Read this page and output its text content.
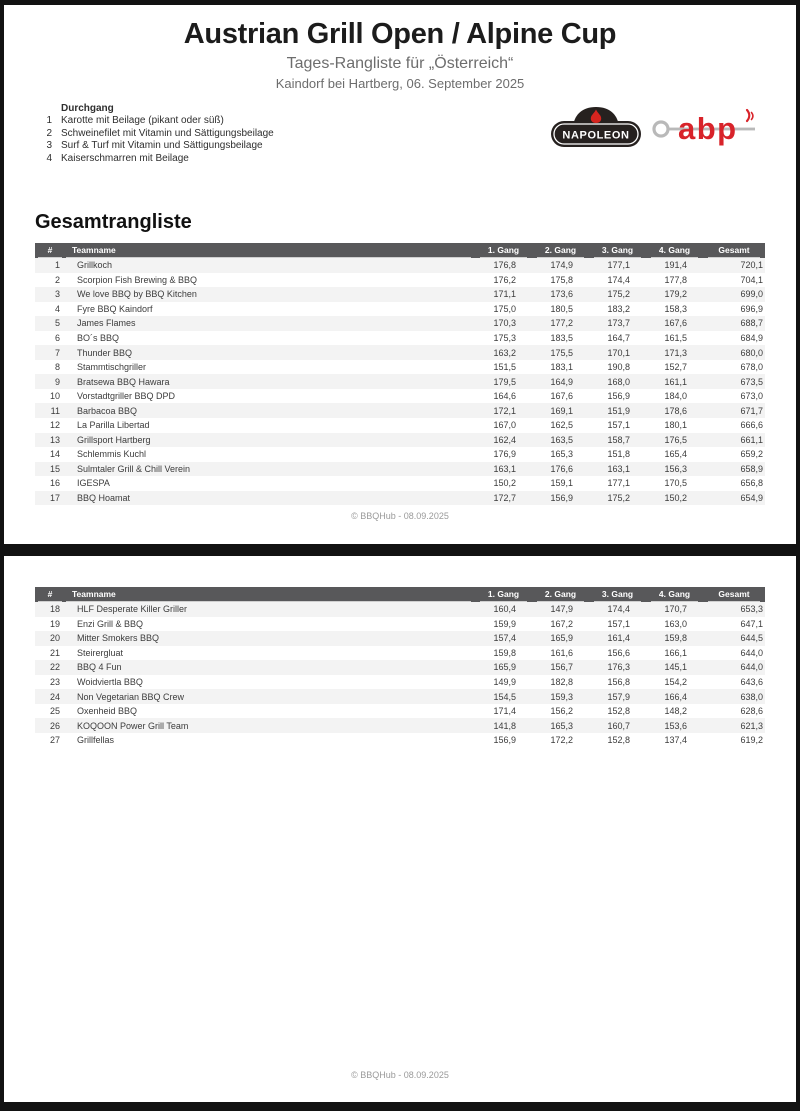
Austrian Grill Open / Alpine Cup
Tages-Rangliste für „Österreich“
Kaindorf bei Hartberg, 06. September 2025
Durchgang
1 Karotte mit Beilage (pikant oder süß)
2 Schweinefilet mit Vitamin und Sättigungsbeilage
3 Surf & Turf mit Vitamin und Sättigungsbeilage
4 Kaiserschmarren mit Beilage
NAPOLEON abp
Gesamtrangliste
#	Teamname	1. Gang	2. Gang	3. Gang	4. Gang	Gesamt

1	Grillkoch	176,8	174,9	177,1	191,4	720,1
2	Scorpion Fish Brewing & BBQ	176,2	175,8	174,4	177,8	704,1
3	We love BBQ by BBQ Kitchen	171,1	173,6	175,2	179,2	699,0
4	Fyre BBQ Kaindorf	175,0	180,5	183,2	158,3	696,9
5	James Flames	170,3	177,2	173,7	167,6	688,7
6	BO´s BBQ	175,3	183,5	164,7	161,5	684,9
7	Thunder BBQ	163,2	175,5	170,1	171,3	680,0
8	Stammtischgriller	151,5	183,1	190,8	152,7	678,0
9	Bratsewa BBQ Hawara	179,5	164,9	168,0	161,1	673,5
10	Vorstadtgriller BBQ DPD	164,6	167,6	156,9	184,0	673,0
11	Barbacoa BBQ	172,1	169,1	151,9	178,6	671,7
12	La Parilla Libertad	167,0	162,5	157,1	180,1	666,6
13	Grillsport Hartberg	162,4	163,5	158,7	176,5	661,1
14	Schlemmis Kuchl	176,9	165,3	151,8	165,4	659,2
15	Sulmtaler Grill & Chill Verein	163,1	176,6	163,1	156,3	658,9
16	IGESPA	150,2	159,1	177,1	170,5	656,8
17	BBQ Hoamat	172,7	156,9	175,2	150,2	654,9
© BBQHub - 08.09.2025
#	Teamname	1. Gang	2. Gang	3. Gang	4. Gang	Gesamt

18	HLF Desperate Killer Griller	160,4	147,9	174,4	170,7	653,3
19	Enzi Grill & BBQ	159,9	167,2	157,1	163,0	647,1
20	Mitter Smokers BBQ	157,4	165,9	161,4	159,8	644,5
21	Steirergluat	159,8	161,6	156,6	166,1	644,0
22	BBQ 4 Fun	165,9	156,7	176,3	145,1	644,0
23	Woidviertla BBQ	149,9	182,8	156,8	154,2	643,6
24	Non Vegetarian BBQ Crew	154,5	159,3	157,9	166,4	638,0
25	Oxenheid BBQ	171,4	156,2	152,8	148,2	628,6
26	KOQOON Power Grill Team	141,8	165,3	160,7	153,6	621,3
27	Grillfellas	156,9	172,2	152,8	137,4	619,2
© BBQHub - 08.09.2025
